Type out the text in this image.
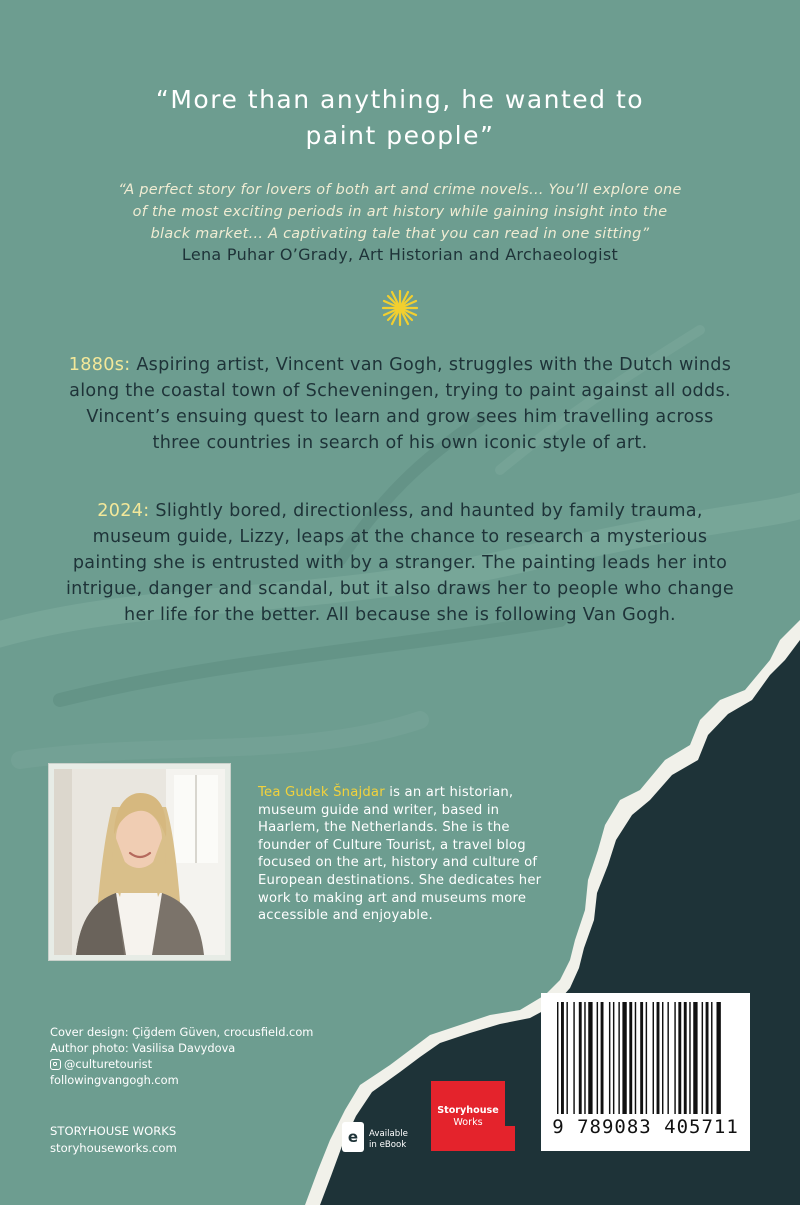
“More than anything, he wanted to
paint people”

“A perfect story for lovers of both art and crime novels... You’ll explore one
of the most exciting periods in art history while gaining insight into the
black market... A captivating tale that you can read in one sitting”

Lena Puhar O’Grady, Art Historian and Archaeologist

1880s: Aspiring artist, Vincent van Gogh, struggles with the Dutch winds along the coastal town of Scheveningen, trying to paint against all odds. Vincent’s ensuing quest to learn and grow sees him travelling across three countries in search of his own iconic style of art.

2024: Slightly bored, directionless, and haunted by family trauma, museum guide, Lizzy, leaps at the chance to research a mysterious painting she is entrusted with by a stranger. The painting leads her into intrigue, danger and scandal, but it also draws her to people who change her life for the better. All because she is following Van Gogh.

Tea Gudek Šnajdar is an art historian, museum guide and writer, based in Haarlem, the Netherlands. She is the founder of Culture Tourist, a travel blog focused on the art, history and culture of European destinations. She dedicates her work to making art and museums more accessible and enjoyable.

Cover design: Çiğdem Güven, crocusfield.com
Author photo: Vasilisa Davydova
@culturetourist
followingvangogh.com
STORYHOUSE WORKS
storyhouseworks.com
e	Available
in eBook
Storyhouse
Works	9 789083 405711
